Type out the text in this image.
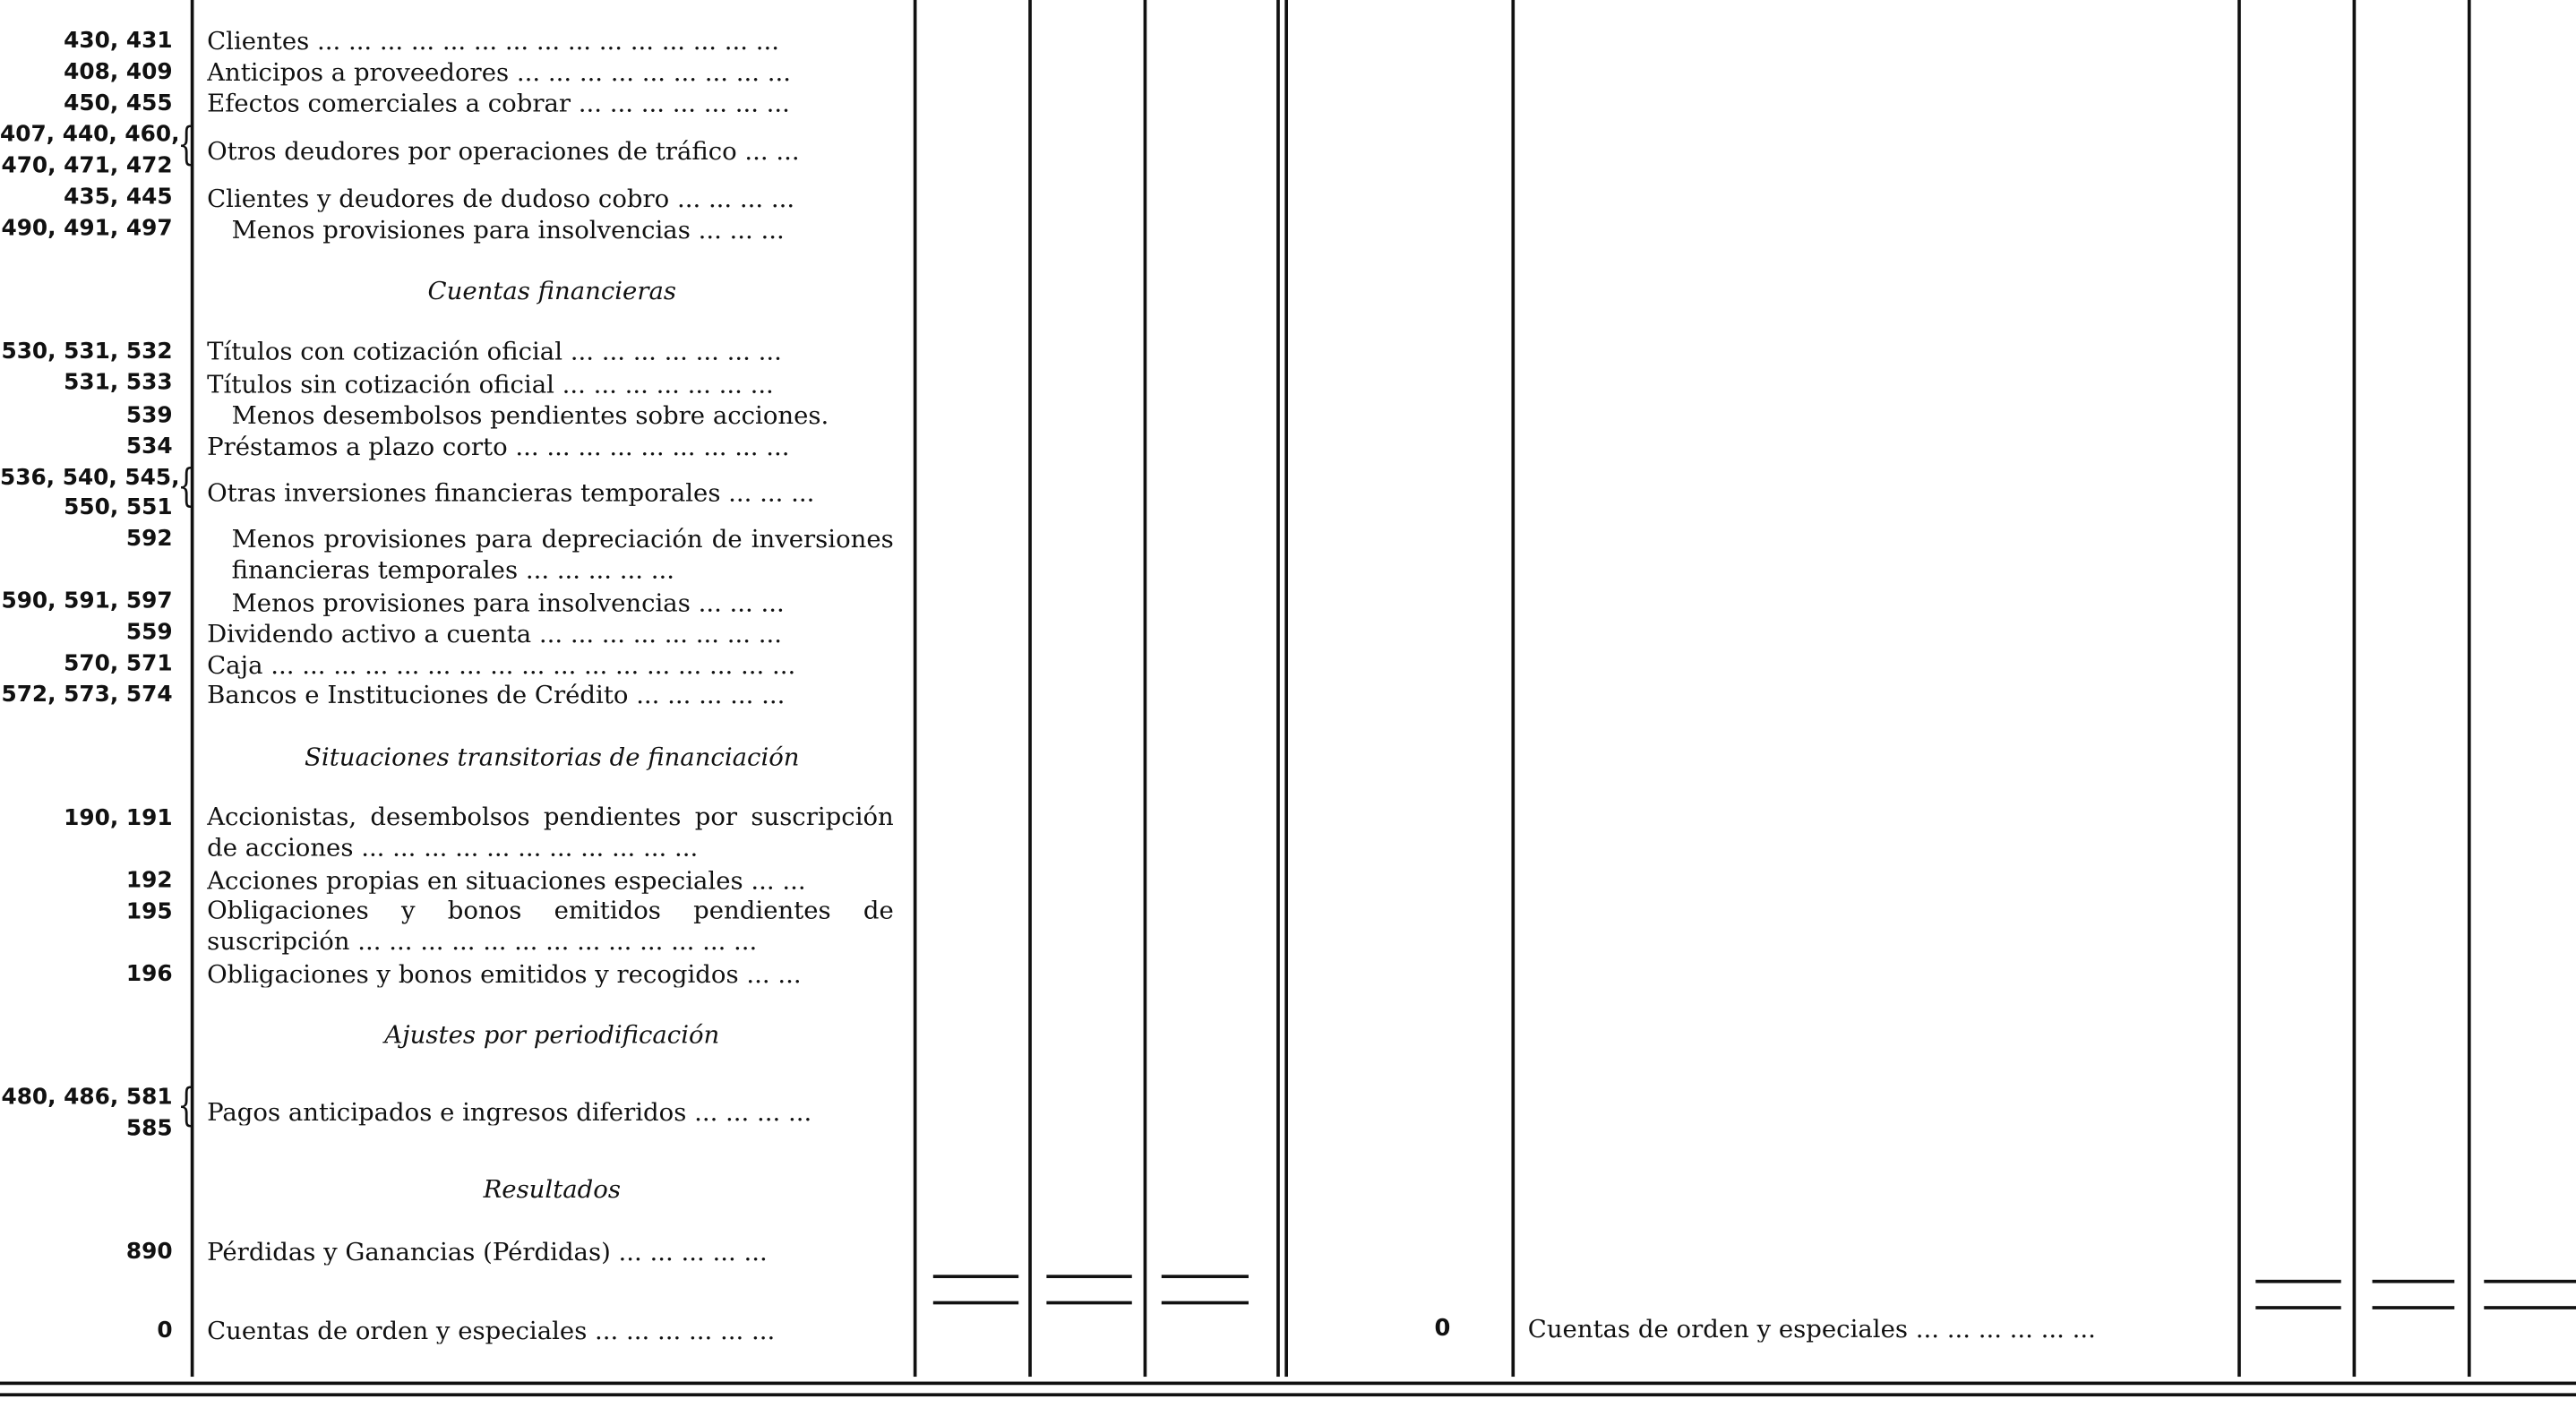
430, 431	Clientes ... ... ... ... ... ... ... ... ... ... ... ... ... ... ...
408, 409	Anticipos a proveedores ... ... ... ... ... ... ... ... ...
450, 455	Efectos comerciales a cobrar ... ... ... ... ... ... ...
407, 440, 460,
470, 471, 472 { Otros deudores por operaciones de tráfico ... ...
435, 445	Clientes y deudores de dudoso cobro ... ... ... ...
490, 491, 497	Menos provisiones para insolvencias ... ... ...
Cuentas financieras
530, 531, 532	Títulos con cotización oficial ... ... ... ... ... ... ...
531, 533	Títulos sin cotización oficial ... ... ... ... ... ... ...
539	Menos desembolsos pendientes sobre acciones.
534	Préstamos a plazo corto ... ... ... ... ... ... ... ... ...
536, 540, 545,
550, 551 { Otras inversiones financieras temporales ... ... ...
592	Menos provisiones para depreciación de inversiones financieras temporales ... ... ... ... ...
590, 591, 597	Menos provisiones para insolvencias ... ... ...
559	Dividendo activo a cuenta ... ... ... ... ... ... ... ...
570, 571	Caja ... ... ... ... ... ... ... ... ... ... ... ... ... ... ... ... ...
572, 573, 574	Bancos e Instituciones de Crédito ... ... ... ... ...
Situaciones transitorias de financiación
190, 191	Accionistas, desembolsos pendientes por suscripción de acciones ... ... ... ... ... ... ... ... ... ... ...
192	Acciones propias en situaciones especiales ... ...
195	Obligaciones y bonos emitidos pendientes de suscripción ... ... ... ... ... ... ... ... ... ... ... ... ...
196	Obligaciones y bonos emitidos y recogidos ... ...
Ajustes por periodificación
480, 486, 581
585 { Pagos anticipados e ingresos diferidos ... ... ... ...
Resultados
890	Pérdidas y Ganancias (Pérdidas) ... ... ... ... ...
0	Cuentas de orden y especiales ... ... ... ... ... ...	0	Cuentas de orden y especiales ... ... ... ... ... ...
